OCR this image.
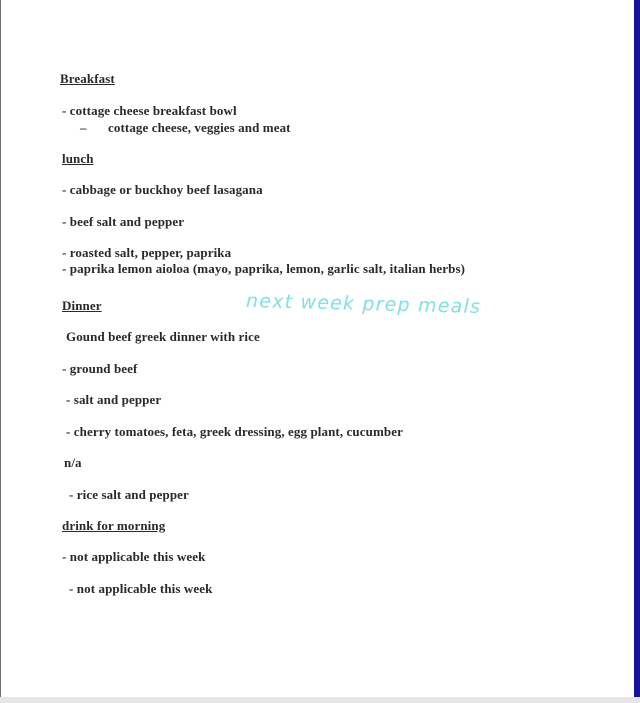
Breakfast
- cottage cheese breakfast bowl
– cottage cheese, veggies and meat
lunch
- cabbage or buckhoy beef lasagana
- beef salt and pepper
- roasted salt, pepper, paprika
- paprika lemon aioloa (mayo, paprika, lemon, garlic salt, italian herbs)
Dinner
Gound beef greek dinner with rice
- ground beef
- salt and pepper
- cherry tomatoes, feta, greek dressing, egg plant, cucumber
n/a
- rice salt and pepper
drink for morning
- not applicable this week
- not applicable this week
next week prep meals
